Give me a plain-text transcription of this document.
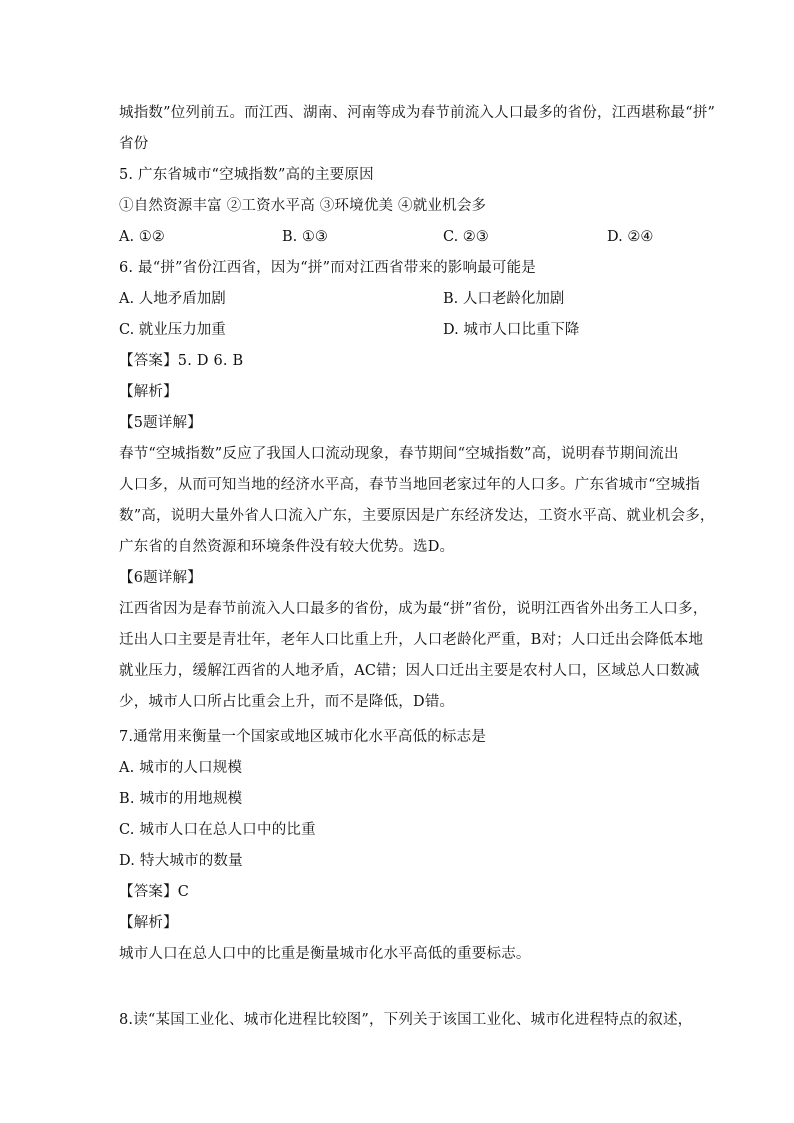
城指数”位列前五。而江西、湖南、河南等成为春节前流入人口最多的省份，江西堪称最“拼”
省份
5. 广东省城市“空城指数”高的主要原因
①自然资源丰富 ②工资水平高 ③环境优美 ④就业机会多
A. ①②	B. ①③	C. ②③	D. ②④
6. 最“拼”省份江西省，因为“拼”而对江西省带来的影响最可能是
A. 人地矛盾加剧	B. 人口老龄化加剧
C. 就业压力加重	D. 城市人口比重下降
【答案】5. D 6. B
【解析】
【5题详解】
春节“空城指数”反应了我国人口流动现象，春节期间“空城指数”高，说明春节期间流出
人口多，从而可知当地的经济水平高，春节当地回老家过年的人口多。广东省城市“空城指
数”高，说明大量外省人口流入广东，主要原因是广东经济发达，工资水平高、就业机会多，
广东省的自然资源和环境条件没有较大优势。选D。
【6题详解】
江西省因为是春节前流入人口最多的省份，成为最“拼”省份，说明江西省外出务工人口多，
迁出人口主要是青壮年，老年人口比重上升，人口老龄化严重，B对；人口迁出会降低本地
就业压力，缓解江西省的人地矛盾，AC错；因人口迁出主要是农村人口，区域总人口数减
少，城市人口所占比重会上升，而不是降低，D错。
7.通常用来衡量一个国家或地区城市化水平高低的标志是
A. 城市的人口规模
B. 城市的用地规模
C. 城市人口在总人口中的比重
D. 特大城市的数量
【答案】C
【解析】
城市人口在总人口中的比重是衡量城市化水平高低的重要标志。
8.读“某国工业化、城市化进程比较图”，下列关于该国工业化、城市化进程特点的叙述，
